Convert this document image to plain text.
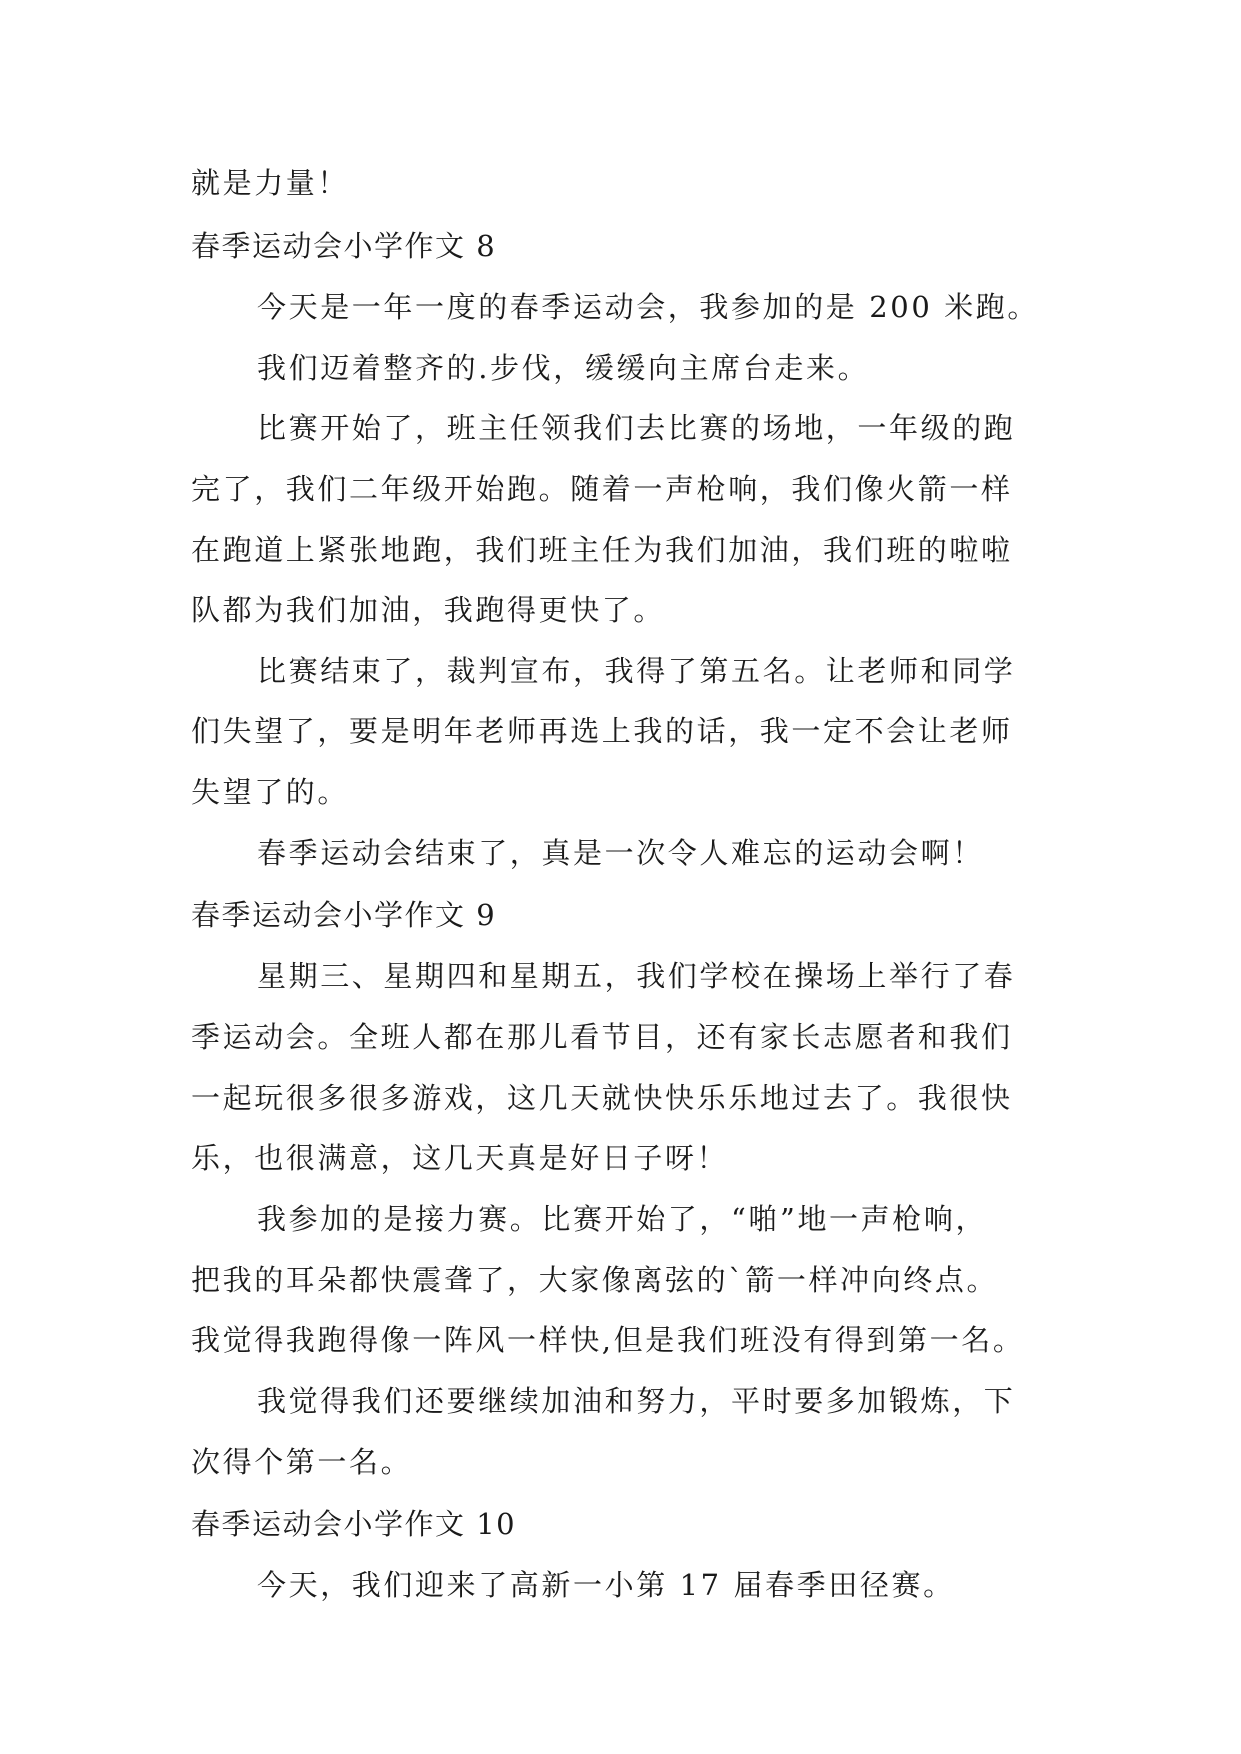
就是力量！
春季运动会小学作文 8
今天是一年一度的春季运动会，我参加的是 200 米跑。
我们迈着整齐的.步伐，缓缓向主席台走来。
比赛开始了，班主任领我们去比赛的场地，一年级的跑
完了，我们二年级开始跑。随着一声枪响，我们像火箭一样
在跑道上紧张地跑，我们班主任为我们加油，我们班的啦啦
队都为我们加油，我跑得更快了。
比赛结束了，裁判宣布，我得了第五名。让老师和同学
们失望了，要是明年老师再选上我的话，我一定不会让老师
失望了的。
春季运动会结束了，真是一次令人难忘的运动会啊！
春季运动会小学作文 9
星期三、星期四和星期五，我们学校在操场上举行了春
季运动会。全班人都在那儿看节目，还有家长志愿者和我们
一起玩很多很多游戏，这几天就快快乐乐地过去了。我很快
乐，也很满意，这几天真是好日子呀！
我参加的是接力赛。比赛开始了，“啪”地一声枪响，
把我的耳朵都快震聋了，大家像离弦的`箭一样冲向终点。
我觉得我跑得像一阵风一样快,但是我们班没有得到第一名。
我觉得我们还要继续加油和努力，平时要多加锻炼，下
次得个第一名。
春季运动会小学作文 10
今天，我们迎来了高新一小第 17 届春季田径赛。
